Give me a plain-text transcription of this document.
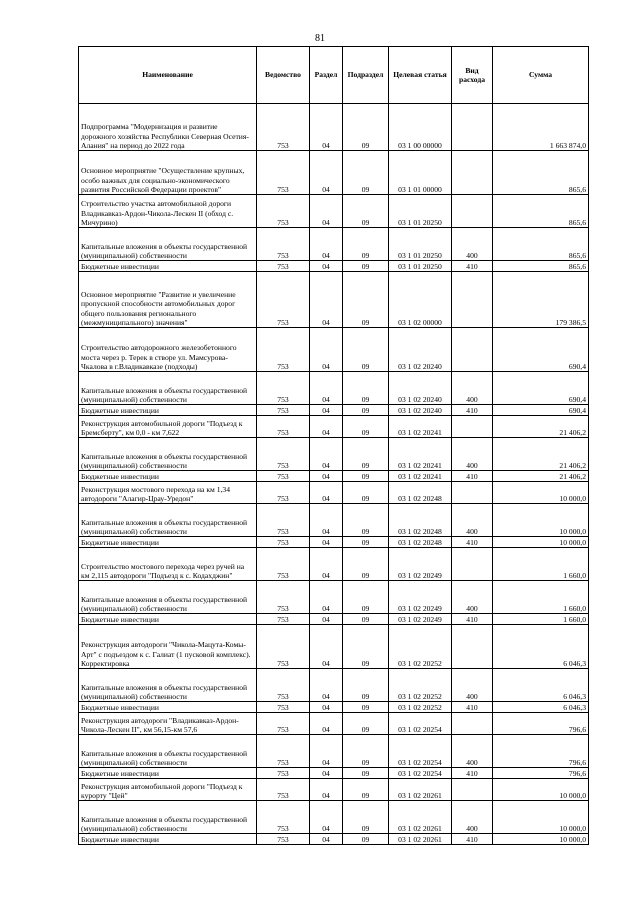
81
Наименование	Ведомство	Раздел	Подраздел	Целевая статья	Вид расхода	Сумма
Подпрограмма "Модернизация и развитие дорожного хозяйства Республики Северная Осетия-Алания" на период до 2022 года	753	04	09	03 1 00 00000		1 663 874,0
Основное мероприятие "Осуществление крупных, особо важных для социально-экономического развития Российской Федерации проектов"	753	04	09	03 1 01 00000		865,6
Строительство участка автомобильной дороги Владикавказ-Ардон-Чикола-Лескен II (обход с. Мичурино)	753	04	09	03 1 01 20250		865,6
Капитальные вложения в объекты государственной (муниципальной) собственности	753	04	09	03 1 01 20250	400	865,6
Бюджетные инвестиции	753	04	09	03 1 01 20250	410	865,6
Основное мероприятие "Развитие и увеличение пропускной способности автомобильных дорог общего пользования регионального (межмуниципального) значения"	753	04	09	03 1 02 00000		179 386,5
Строительство автодорожного железобетонного моста через р. Терек в створе ул. Мамсурова-Чкалова в г.Владикавказе (подходы)	753	04	09	03 1 02 20240		690,4
Капитальные вложения в объекты государственной (муниципальной) собственности	753	04	09	03 1 02 20240	400	690,4
Бюджетные инвестиции	753	04	09	03 1 02 20240	410	690,4
Реконструкция автомобильной дороги "Подъезд к Бремсберту", км 0,0 - км 7,622	753	04	09	03 1 02 20241		21 406,2
Капитальные вложения в объекты государственной (муниципальной) собственности	753	04	09	03 1 02 20241	400	21 406,2
Бюджетные инвестиции	753	04	09	03 1 02 20241	410	21 406,2
Реконструкция мостового перехода на км 1,34 автодороги "Алагир-Црау-Уредон"	753	04	09	03 1 02 20248		10 000,0
Капитальные вложения в объекты государственной (муниципальной) собственности	753	04	09	03 1 02 20248	400	10 000,0
Бюджетные инвестиции	753	04	09	03 1 02 20248	410	10 000,0
Строительство мостового перехода через ручей на км 2,115 автодороги "Подъезд к с. Кодахджин"	753	04	09	03 1 02 20249		1 660,0
Капитальные вложения в объекты государственной (муниципальной) собственности	753	04	09	03 1 02 20249	400	1 660,0
Бюджетные инвестиции	753	04	09	03 1 02 20249	410	1 660,0
Реконструкция автодороги "Чикола-Мацута-Комы-Арт" с подъездом к с. Галиат (1 пусковой комплекс). Корректировка	753	04	09	03 1 02 20252		6 046,3
Капитальные вложения в объекты государственной (муниципальной) собственности	753	04	09	03 1 02 20252	400	6 046,3
Бюджетные инвестиции	753	04	09	03 1 02 20252	410	6 046,3
Реконструкция автодороги "Владикавказ-Ардон-Чикола-Лескен II", км 56,15-км 57,6	753	04	09	03 1 02 20254		796,6
Капитальные вложения в объекты государственной (муниципальной) собственности	753	04	09	03 1 02 20254	400	796,6
Бюджетные инвестиции	753	04	09	03 1 02 20254	410	796,6
Реконструкция автомобильной дороги "Подъезд к курорту "Цей"	753	04	09	03 1 02 20261		10 000,0
Капитальные вложения в объекты государственной (муниципальной) собственности	753	04	09	03 1 02 20261	400	10 000,0
Бюджетные инвестиции	753	04	09	03 1 02 20261	410	10 000,0
